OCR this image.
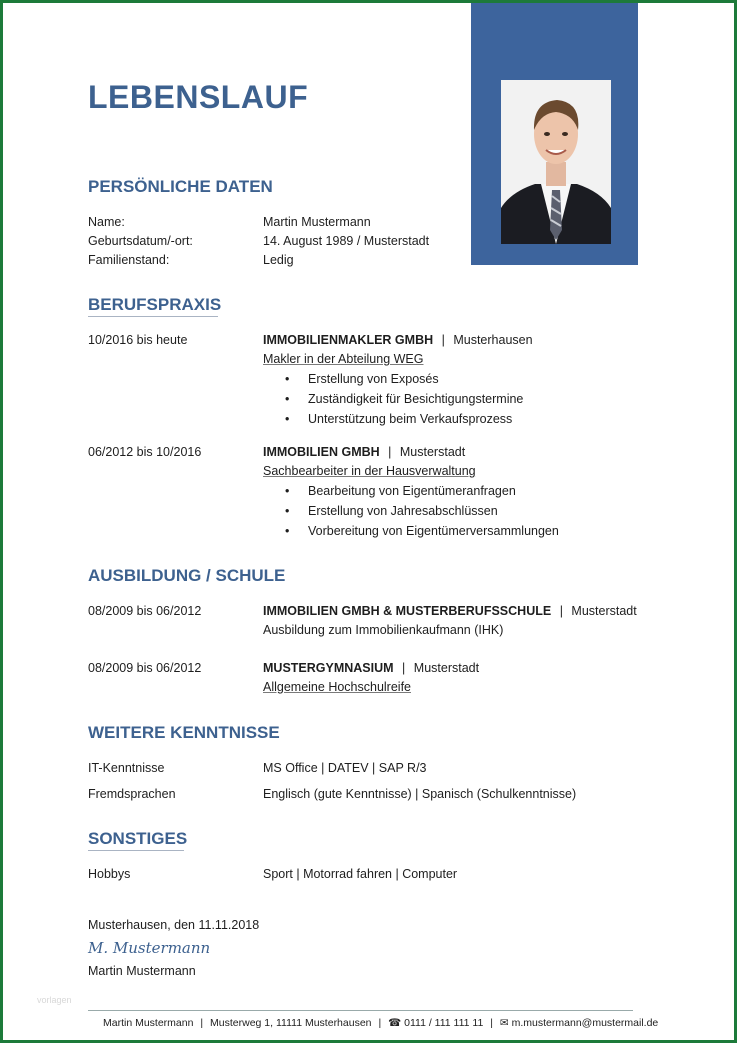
LEBENSLAUF
PERSÖNLICHE DATEN
Name:	Martin Mustermann
Geburtsdatum/-ort:	14. August 1989 / Musterstadt
Familienstand:	Ledig
BERUFSPRAXIS
10/2016 bis heute	IMMOBILIENMAKLER GMBH | Musterhausen
Makler in der Abteilung WEG
• Erstellung von Exposés
• Zuständigkeit für Besichtigungstermine
• Unterstützung beim Verkaufsprozess
06/2012 bis 10/2016	IMMOBILIEN GMBH | Musterstadt
Sachbearbeiter in der Hausverwaltung
• Bearbeitung von Eigentümeranfragen
• Erstellung von Jahresabschlüssen
• Vorbereitung von Eigentümerversammlungen
AUSBILDUNG / SCHULE
08/2009 bis 06/2012	IMMOBILIEN GMBH & MUSTERBERUFSSCHULE | Musterstadt
Ausbildung zum Immobilienkaufmann (IHK)
08/2009 bis 06/2012	MUSTERGYMNASIUM | Musterstadt
Allgemeine Hochschulreife
WEITERE KENNTNISSE
IT-Kenntnisse	MS Office | DATEV | SAP R/3
Fremdsprachen	Englisch (gute Kenntnisse) | Spanisch (Schulkenntnisse)
SONSTIGES
Hobbys	Sport | Motorrad fahren | Computer
Musterhausen, den 11.11.2018
M. Mustermann
Martin Mustermann
vorlagen
Martin Mustermann | Musterweg 1, 11111 Musterhausen | ☎ 0111 / 111 111 11 | ✉ m.mustermann@mustermail.de
